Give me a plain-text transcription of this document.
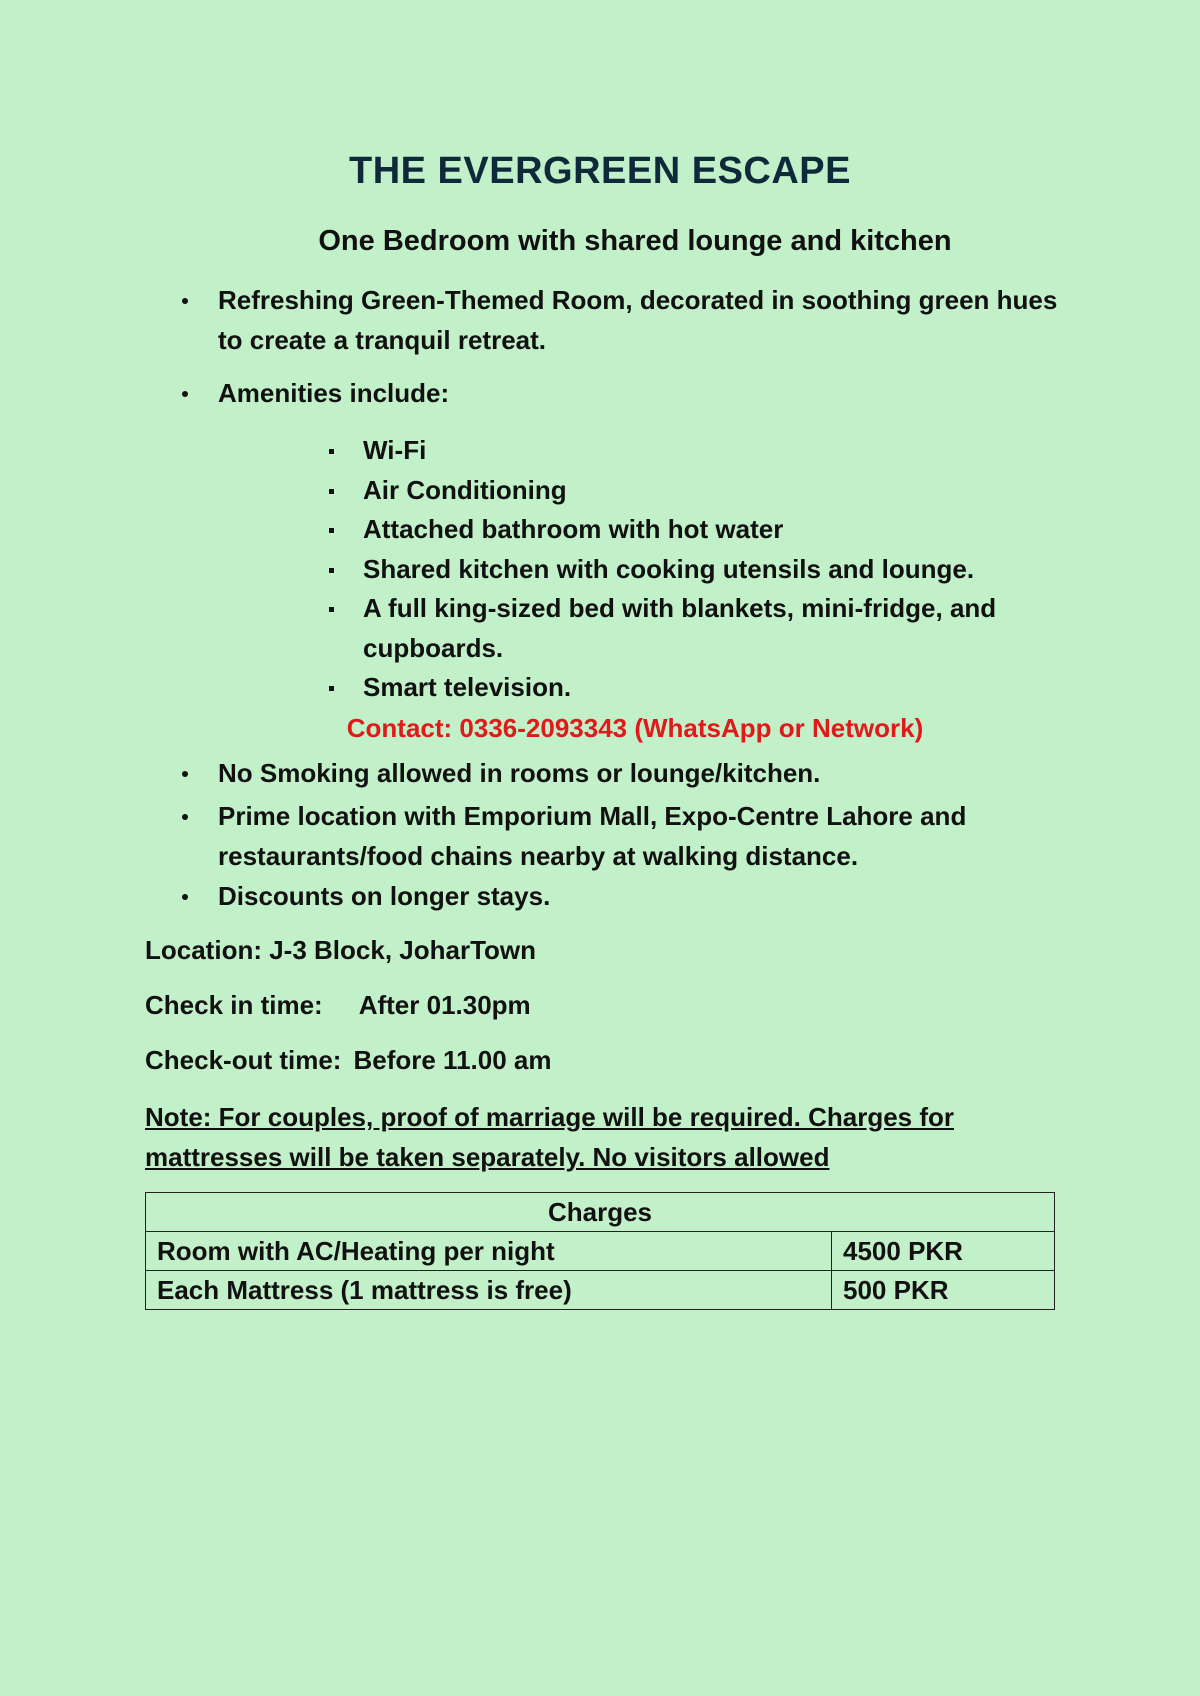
THE EVERGREEN ESCAPE
One Bedroom with shared lounge and kitchen
Refreshing Green-Themed Room, decorated in soothing green hues to create a tranquil retreat.
Amenities include:
Wi-Fi
Air Conditioning
Attached bathroom with hot water
Shared kitchen with cooking utensils and lounge.
A full king-sized bed with blankets, mini-fridge, and cupboards.
Smart television.
Contact: 0336-2093343 (WhatsApp or Network)
No Smoking allowed in rooms or lounge/kitchen.
Prime location with Emporium Mall, Expo-Centre Lahore and restaurants/food chains nearby at walking distance.
Discounts on longer stays.
Location: J-3 Block, JoharTown
Check in time: After 01.30pm
Check-out time: Before 11.00 am
Note: For couples, proof of marriage will be required. Charges for mattresses will be taken separately. No visitors allowed
Charges	
Room with AC/Heating per night	4500 PKR
Each Mattress (1 mattress is free)	500 PKR
